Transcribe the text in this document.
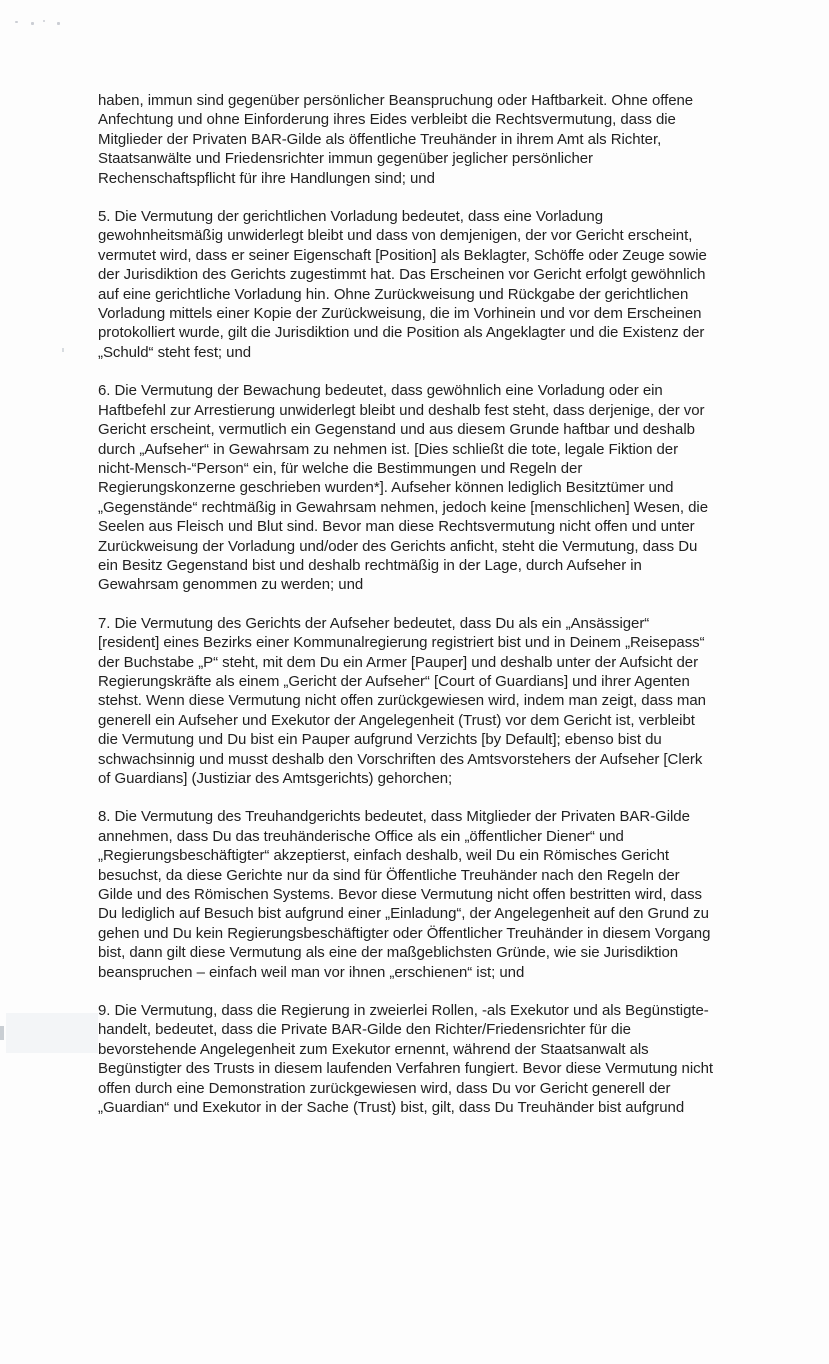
haben, immun sind gegenüber persönlicher Beanspruchung oder Haftbarkeit. Ohne offene Anfechtung und ohne Einforderung ihres Eides verbleibt die Rechtsvermutung, dass die Mitglieder der Privaten BAR-Gilde als öffentliche Treuhänder in ihrem Amt als Richter, Staatsanwälte und Friedensrichter immun gegenüber jeglicher persönlicher Rechenschaftspflicht für ihre Handlungen sind; und

5. Die Vermutung der gerichtlichen Vorladung bedeutet, dass eine Vorladung gewohnheitsmäßig unwiderlegt bleibt und dass von demjenigen, der vor Gericht erscheint, vermutet wird, dass er seiner Eigenschaft [Position] als Beklagter, Schöffe oder Zeuge sowie der Jurisdiktion des Gerichts zugestimmt hat. Das Erscheinen vor Gericht erfolgt gewöhnlich auf eine gerichtliche Vorladung hin. Ohne Zurückweisung und Rückgabe der gerichtlichen Vorladung mittels einer Kopie der Zurückweisung, die im Vorhinein und vor dem Erscheinen protokolliert wurde, gilt die Jurisdiktion und die Position als Angeklagter und die Existenz der „Schuld“ steht fest; und

6. Die Vermutung der Bewachung bedeutet, dass gewöhnlich eine Vorladung oder ein Haftbefehl zur Arrestierung unwiderlegt bleibt und deshalb fest steht, dass derjenige, der vor Gericht erscheint, vermutlich ein Gegenstand und aus diesem Grunde haftbar und deshalb durch „Aufseher“ in Gewahrsam zu nehmen ist. [Dies schließt die tote, legale Fiktion der nicht-Mensch-“Person“ ein, für welche die Bestimmungen und Regeln der Regierungskonzerne geschrieben wurden*]. Aufseher können lediglich Besitztümer und „Gegenstände“ rechtmäßig in Gewahrsam nehmen, jedoch keine [menschlichen] Wesen, die Seelen aus Fleisch und Blut sind. Bevor man diese Rechtsvermutung nicht offen und unter Zurückweisung der Vorladung und/oder des Gerichts anficht, steht die Vermutung, dass Du ein Besitz Gegenstand bist und deshalb rechtmäßig in der Lage, durch Aufseher in Gewahrsam genommen zu werden; und

7. Die Vermutung des Gerichts der Aufseher bedeutet, dass Du als ein „Ansässiger“ [resident] eines Bezirks einer Kommunalregierung registriert bist und in Deinem „Reisepass“ der Buchstabe „P“ steht, mit dem Du ein Armer [Pauper] und deshalb unter der Aufsicht der Regierungskräfte als einem „Gericht der Aufseher“ [Court of Guardians] und ihrer Agenten stehst. Wenn diese Vermutung nicht offen zurückgewiesen wird, indem man zeigt, dass man generell ein Aufseher und Exekutor der Angelegenheit (Trust) vor dem Gericht ist, verbleibt die Vermutung und Du bist ein Pauper aufgrund Verzichts [by Default]; ebenso bist du schwachsinnig und musst deshalb den Vorschriften des Amtsvorstehers der Aufseher [Clerk of Guardians] (Justiziar des Amtsgerichts) gehorchen;

8. Die Vermutung des Treuhandgerichts bedeutet, dass Mitglieder der Privaten BAR-Gilde annehmen, dass Du das treuhänderische Office als ein „öffentlicher Diener“ und „Regierungsbeschäftigter“ akzeptierst, einfach deshalb, weil Du ein Römisches Gericht besuchst, da diese Gerichte nur da sind für Öffentliche Treuhänder nach den Regeln der Gilde und des Römischen Systems. Bevor diese Vermutung nicht offen bestritten wird, dass Du lediglich auf Besuch bist aufgrund einer „Einladung“, der Angelegenheit auf den Grund zu gehen und Du kein Regierungsbeschäftigter oder Öffentlicher Treuhänder in diesem Vorgang bist, dann gilt diese Vermutung als eine der maßgeblichsten Gründe, wie sie Jurisdiktion beanspruchen – einfach weil man vor ihnen „erschienen“ ist; und

9. Die Vermutung, dass die Regierung in zweierlei Rollen, -als Exekutor und als Begünstigte- handelt, bedeutet, dass die Private BAR-Gilde den Richter/Friedensrichter für die bevorstehende Angelegenheit zum Exekutor ernennt, während der Staatsanwalt als Begünstigter des Trusts in diesem laufenden Verfahren fungiert. Bevor diese Vermutung nicht offen durch eine Demonstration zurückgewiesen wird, dass Du vor Gericht generell der „Guardian“ und Exekutor in der Sache (Trust) bist, gilt, dass Du Treuhänder bist aufgrund
